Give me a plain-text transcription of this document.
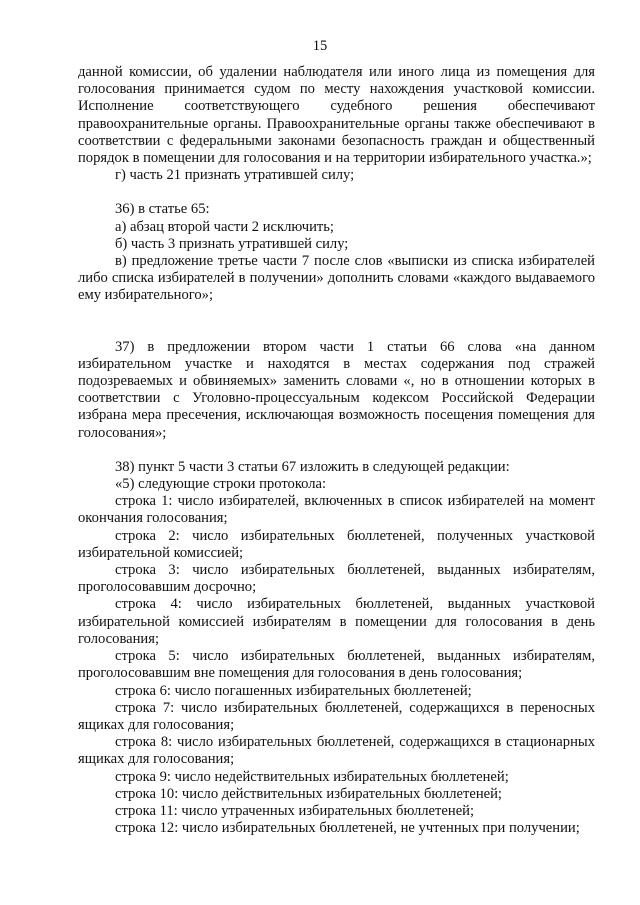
15

данной комиссии, об удалении наблюдателя или иного лица из помещения для голосования принимается судом по месту нахождения участковой комиссии. Исполнение соответствующего судебного решения обеспечивают правоохранительные органы. Правоохранительные органы также обеспечивают в соответствии с федеральными законами безопасность граждан и общественный порядок в помещении для голосования и на территории избирательного участка.»;

г) часть 21 признать утратившей силу;

36) в статье 65:

а) абзац второй части 2 исключить;

б) часть 3 признать утратившей силу;

в) предложение третье части 7 после слов «выписки из списка избирателей либо списка избирателей в получении» дополнить словами «каждого выдаваемого ему избирательного»;

37) в предложении втором части 1 статьи 66 слова «на данном избирательном участке и находятся в местах содержания под стражей подозреваемых и обвиняемых» заменить словами «, но в отношении которых в соответствии с Уголовно-процессуальным кодексом Российской Федерации избрана мера пресечения, исключающая возможность посещения помещения для голосования»;

38) пункт 5 части 3 статьи 67 изложить в следующей редакции:

«5) следующие строки протокола:

строка 1: число избирателей, включенных в список избирателей на момент окончания голосования;

строка 2: число избирательных бюллетеней, полученных участковой избирательной комиссией;

строка 3: число избирательных бюллетеней, выданных избирателям, проголосовавшим досрочно;

строка 4: число избирательных бюллетеней, выданных участковой избирательной комиссией избирателям в помещении для голосования в день голосования;

строка 5: число избирательных бюллетеней, выданных избирателям, проголосовавшим вне помещения для голосования в день голосования;

строка 6: число погашенных избирательных бюллетеней;

строка 7: число избирательных бюллетеней, содержащихся в переносных ящиках для голосования;

строка 8: число избирательных бюллетеней, содержащихся в стационарных ящиках для голосования;

строка 9: число недействительных избирательных бюллетеней;

строка 10: число действительных избирательных бюллетеней;

строка 11: число утраченных избирательных бюллетеней;

строка 12: число избирательных бюллетеней, не учтенных при получении;
